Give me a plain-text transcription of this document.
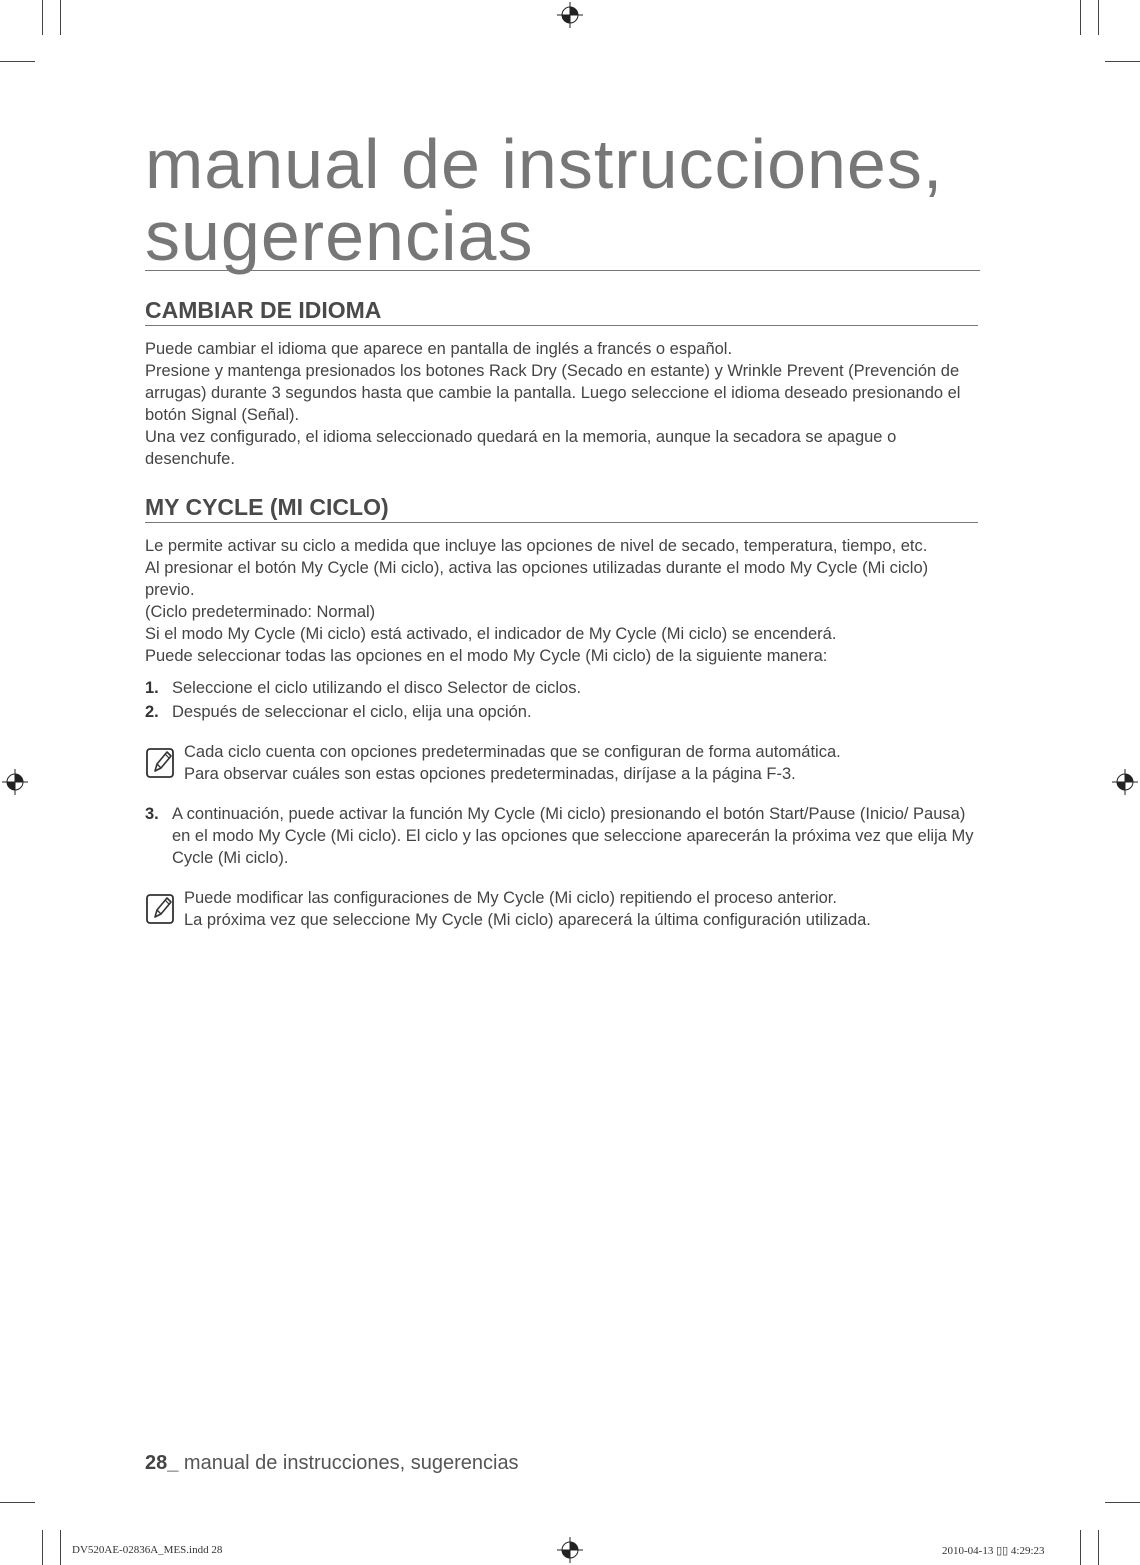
manual de instrucciones,
sugerencias
CAMBIAR DE IDIOMA

Puede cambiar el idioma que aparece en pantalla de inglés a francés o español.

Presione y mantenga presionados los botones Rack Dry (Secado en estante) y Wrinkle Prevent (Prevención de arrugas) durante 3 segundos hasta que cambie la pantalla. Luego seleccione el idioma deseado presionando el botón Signal (Señal).

Una vez configurado, el idioma seleccionado quedará en la memoria, aunque la secadora se apague o desenchufe.

MY CYCLE (MI CICLO)

Le permite activar su ciclo a medida que incluye las opciones de nivel de secado, temperatura, tiempo, etc.

Al presionar el botón My Cycle (Mi ciclo), activa las opciones utilizadas durante el modo My Cycle (Mi ciclo) previo.

(Ciclo predeterminado: Normal)

Si el modo My Cycle (Mi ciclo) está activado, el indicador de My Cycle (Mi ciclo) se encenderá.

Puede seleccionar todas las opciones en el modo My Cycle (Mi ciclo) de la siguiente manera:

1. Seleccione el ciclo utilizando el disco Selector de ciclos.
2. Después de seleccionar el ciclo, elija una opción.
Cada ciclo cuenta con opciones predeterminadas que se configuran de forma automática.
Para observar cuáles son estas opciones predeterminadas, diríjase a la página F-3.
3. A continuación, puede activar la función My Cycle (Mi ciclo) presionando el botón Start/Pause (Inicio/ Pausa) en el modo My Cycle (Mi ciclo). El ciclo y las opciones que seleccione aparecerán la próxima vez que elija My Cycle (Mi ciclo).
Puede modificar las configuraciones de My Cycle (Mi ciclo) repitiendo el proceso anterior.
La próxima vez que seleccione My Cycle (Mi ciclo) aparecerá la última configuración utilizada.
28_ manual de instrucciones, sugerencias
DV520AE-02836A_MES.indd 28	2010-04-13 ▯▯ 4:29:23
